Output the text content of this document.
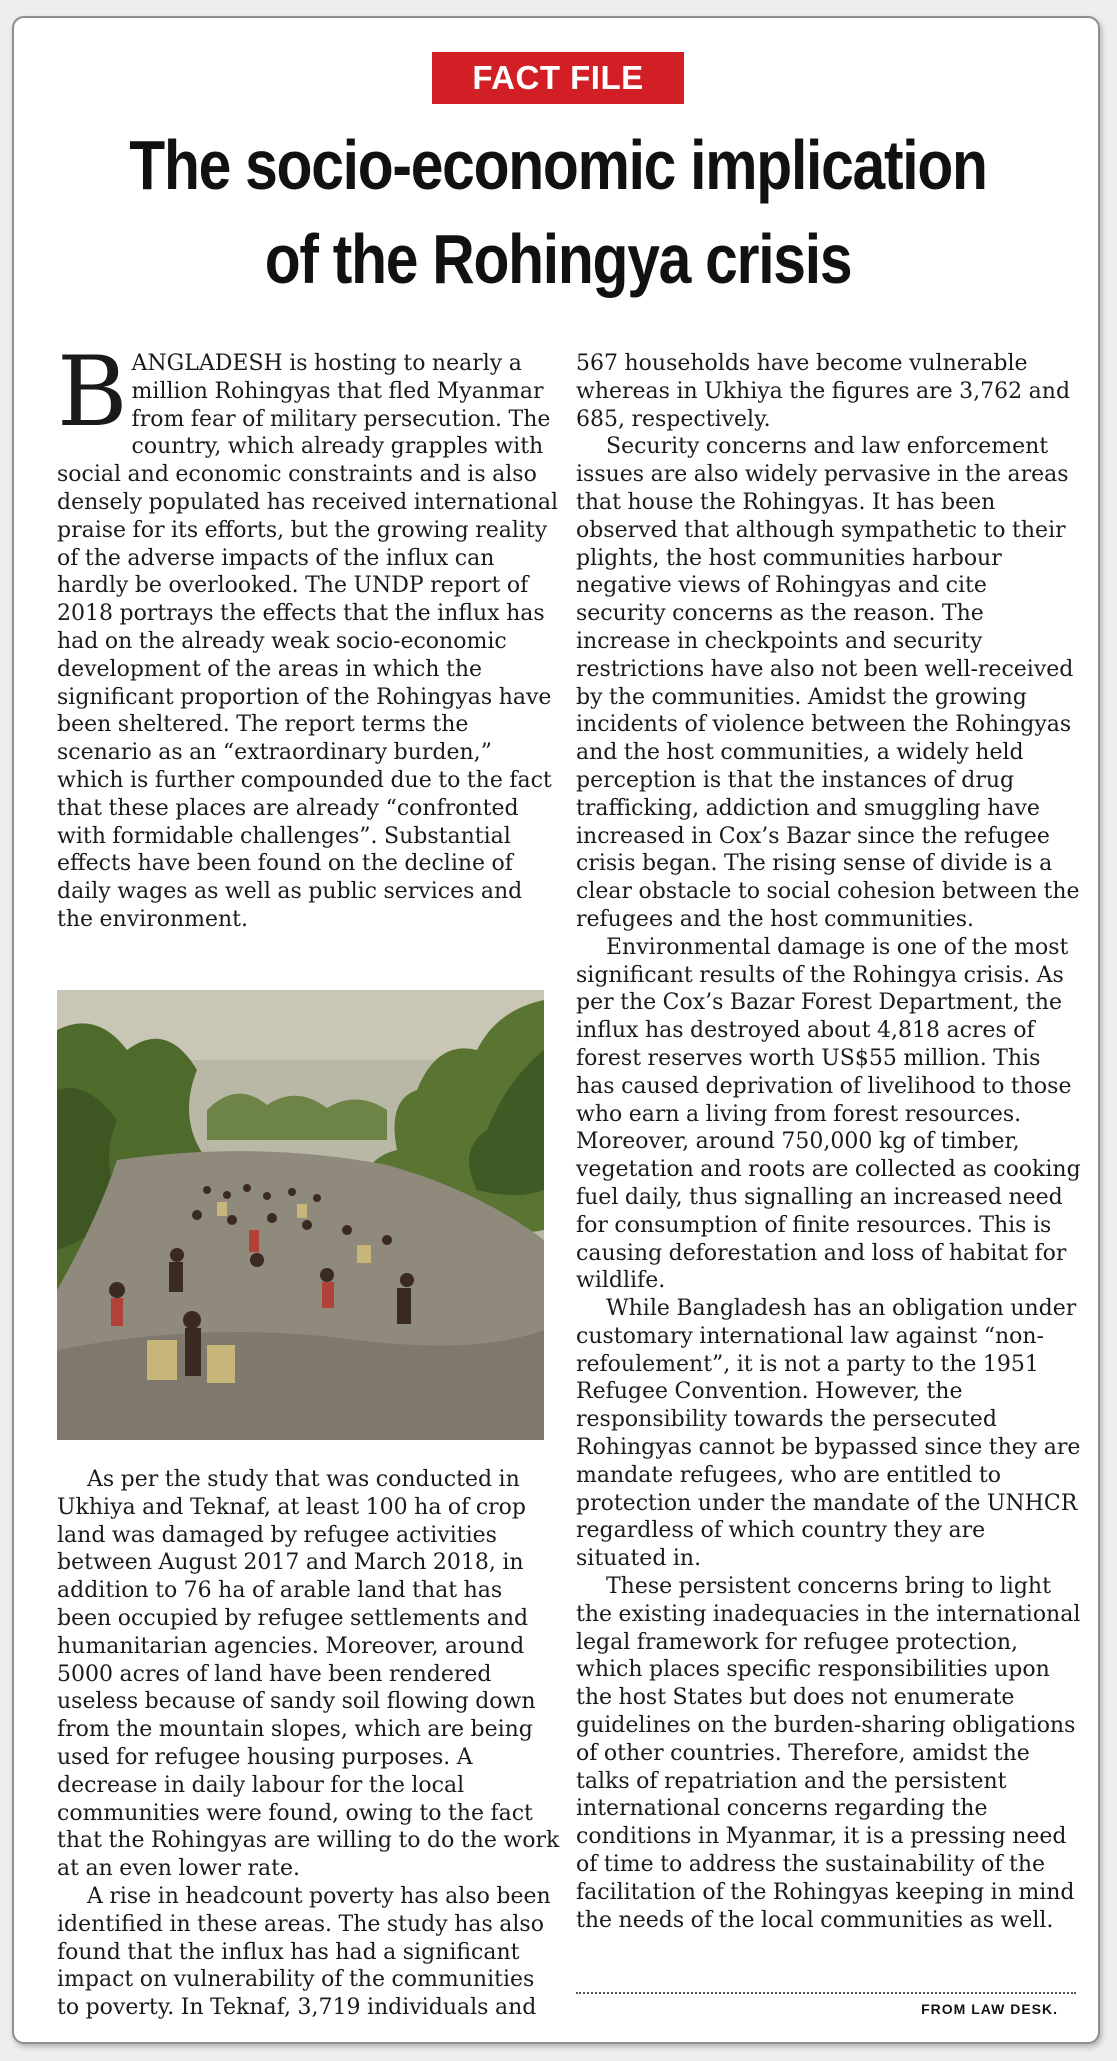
FACT FILE
The socio-economic implication
of the Rohingya crisis

BANGLADESH is hosting to nearly a million Rohingyas that fled Myanmar from fear of military persecution. The country, which already grapples with social and economic constraints and is also densely populated has received international praise for its efforts, but the growing reality of the adverse impacts of the influx can hardly be overlooked. The UNDP report of 2018 portrays the effects that the influx has had on the already weak socio-economic development of the areas in which the significant proportion of the Rohingyas have been sheltered. The report terms the scenario as an “extraordinary burden,” which is further compounded due to the fact that these places are already “confronted with formidable challenges”. Substantial effects have been found on the decline of daily wages as well as public services and the environment.

As per the study that was conducted in Ukhiya and Teknaf, at least 100 ha of crop land was damaged by refugee activities between August 2017 and March 2018, in addition to 76 ha of arable land that has been occupied by refugee settlements and humanitarian agencies. Moreover, around 5000 acres of land have been rendered useless because of sandy soil flowing down from the mountain slopes, which are being used for refugee housing purposes. A decrease in daily labour for the local communities were found, owing to the fact that the Rohingyas are willing to do the work at an even lower rate.

A rise in headcount poverty has also been identified in these areas. The study has also found that the influx has had a significant impact on vulnerability of the communities to poverty. In Teknaf, 3,719 individuals and

567 households have become vulnerable whereas in Ukhiya the figures are 3,762 and 685, respectively.

Security concerns and law enforcement issues are also widely pervasive in the areas that house the Rohingyas. It has been observed that although sympathetic to their plights, the host communities harbour negative views of Rohingyas and cite security concerns as the reason. The increase in checkpoints and security restrictions have also not been well-received by the communities. Amidst the growing incidents of violence between the Rohingyas and the host communities, a widely held perception is that the instances of drug trafficking, addiction and smuggling have increased in Cox’s Bazar since the refugee crisis began. The rising sense of divide is a clear obstacle to social cohesion between the refugees and the host communities.

Environmental damage is one of the most significant results of the Rohingya crisis. As per the Cox’s Bazar Forest Department, the influx has destroyed about 4,818 acres of forest reserves worth US$55 million. This has caused deprivation of livelihood to those who earn a living from forest resources. Moreover, around 750,000 kg of timber, vegetation and roots are collected as cooking fuel daily, thus signalling an increased need for consumption of finite resources. This is causing deforestation and loss of habitat for wildlife.

While Bangladesh has an obligation under customary international law against “non-refoulement”, it is not a party to the 1951 Refugee Convention. However, the responsibility towards the persecuted Rohingyas cannot be bypassed since they are mandate refugees, who are entitled to protection under the mandate of the UNHCR regardless of which country they are situated in.

These persistent concerns bring to light the existing inadequacies in the international legal framework for refugee protection, which places specific responsibilities upon the host States but does not enumerate guidelines on the burden-sharing obligations of other countries. Therefore, amidst the talks of repatriation and the persistent international concerns regarding the conditions in Myanmar, it is a pressing need of time to address the sustainability of the facilitation of the Rohingyas keeping in mind the needs of the local communities as well.

FROM LAW DESK.
